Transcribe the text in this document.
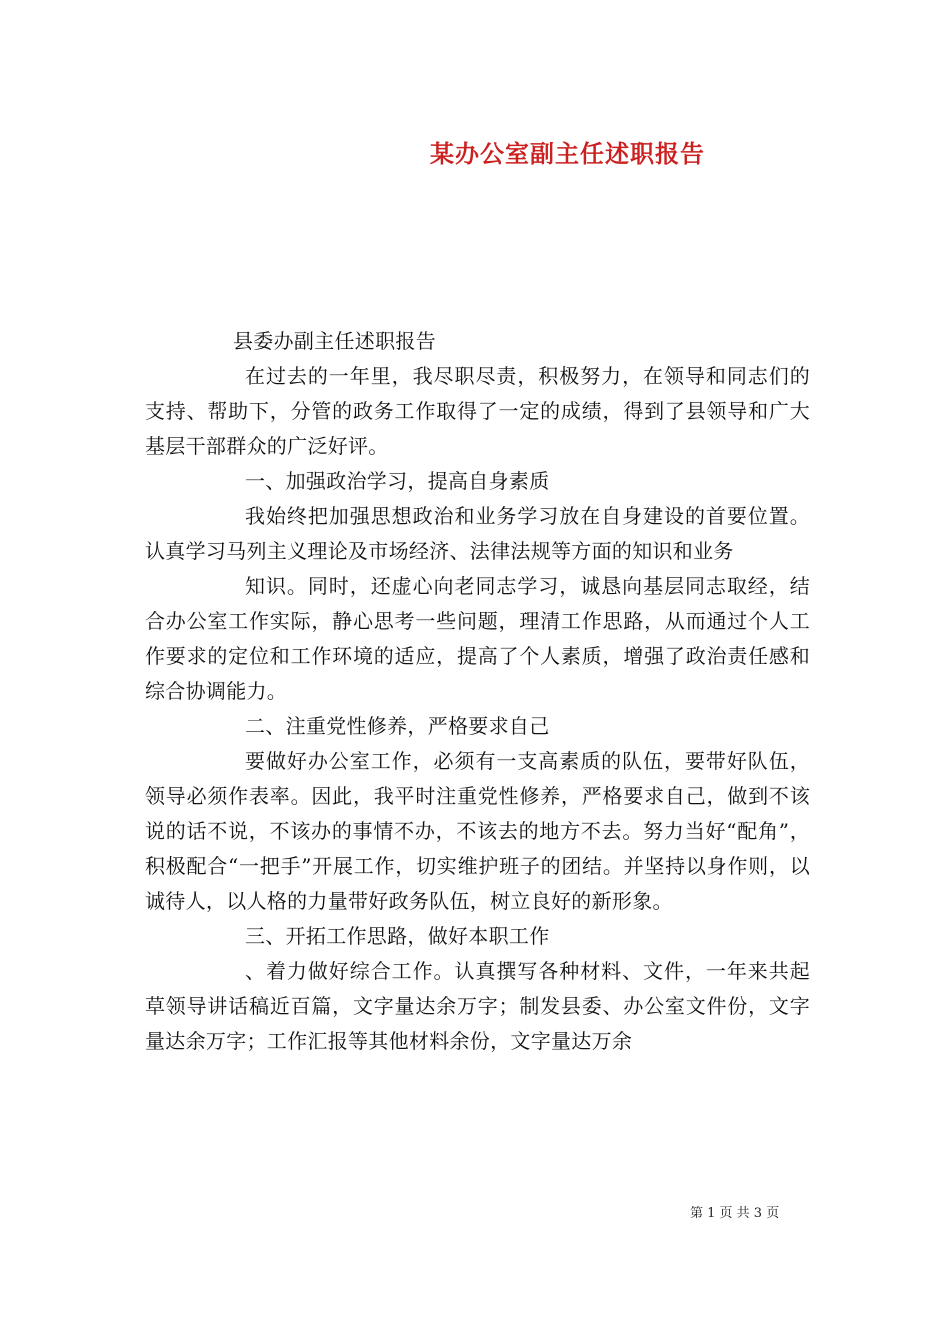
某办公室副主任述职报告

县委办副主任述职报告

在过去的一年里，我尽职尽责，积极努力，在领导和同志们的支持、帮助下，分管的政务工作取得了一定的成绩，得到了县领导和广大基层干部群众的广泛好评。

一、加强政治学习，提高自身素质

我始终把加强思想政治和业务学习放在自身建设的首要位置。认真学习马列主义理论及市场经济、法律法规等方面的知识和业务

知识。同时，还虚心向老同志学习，诚恳向基层同志取经，结合办公室工作实际，静心思考一些问题，理清工作思路，从而通过个人工作要求的定位和工作环境的适应，提高了个人素质，增强了政治责任感和综合协调能力。

二、注重党性修养，严格要求自己

要做好办公室工作，必须有一支高素质的队伍，要带好队伍，领导必须作表率。因此，我平时注重党性修养，严格要求自己，做到不该说的话不说，不该办的事情不办，不该去的地方不去。努力当好“配角”，积极配合“一把手”开展工作，切实维护班子的团结。并坚持以身作则，以诚待人，以人格的力量带好政务队伍，树立良好的新形象。

三、开拓工作思路，做好本职工作

、着力做好综合工作。认真撰写各种材料、文件，一年来共起草领导讲话稿近百篇，文字量达余万字；制发县委、办公室文件份，文字量达余万字；工作汇报等其他材料余份，文字量达万余

第 1 页 共 3 页
